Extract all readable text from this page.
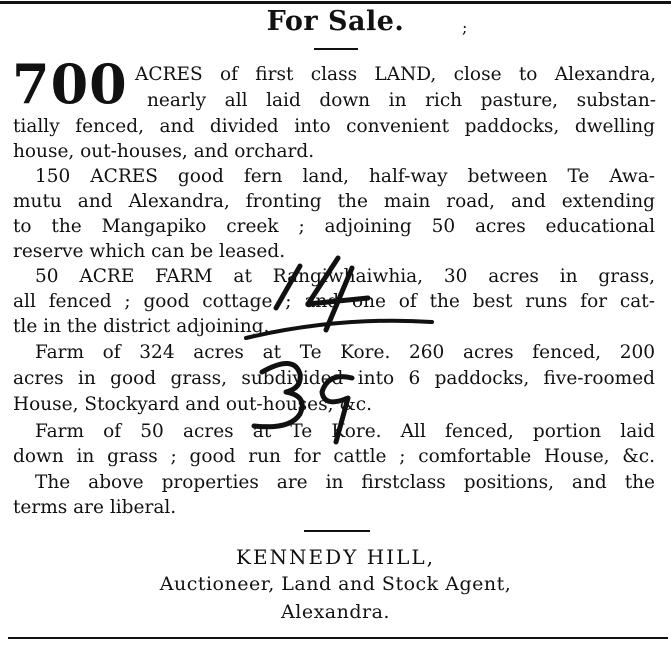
For Sale.	;
700 ACRES of first class LAND, close to Alexandra,
nearly all laid down in rich pasture, substan-
tially fenced, and divided into convenient paddocks, dwelling
house, out-houses, and orchard.
150 ACRES good fern land, half-way between Te Awa-
mutu and Alexandra, fronting the main road, and extending
to the Mangapiko creek ; adjoining 50 acres educational
reserve which can be leased.
50 ACRE FARM at Rangiwhaiwhia, 30 acres in grass,
all fenced ; good cottage ; and one of the best runs for cat-
tle in the district adjoining.
Farm of 324 acres at Te Kore. 260 acres fenced, 200
acres in good grass, subdivided into 6 paddocks, five-roomed
House, Stockyard and out-houses, &c.
Farm of 50 acres at Te Kore. All fenced, portion laid
down in grass ; good run for cattle ; comfortable House, &c.
The above properties are in firstclass positions, and the
terms are liberal.
KENNEDY HILL,
Auctioneer, Land and Stock Agent,
Alexandra.
